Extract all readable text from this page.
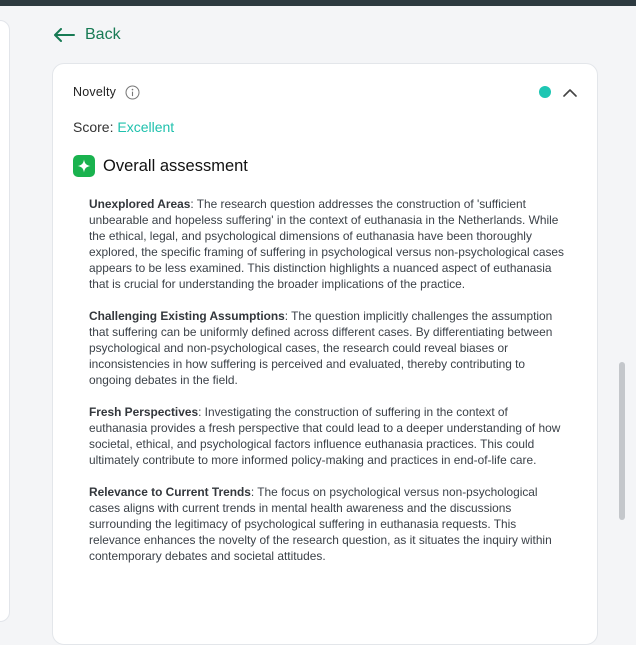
Back
Novelty
Score: Excellent
Overall assessment

Unexplored Areas: The research question addresses the construction of 'sufficient unbearable and hopeless suffering' in the context of euthanasia in the Netherlands. While the ethical, legal, and psychological dimensions of euthanasia have been thoroughly explored, the specific framing of suffering in psychological versus non-psychological cases appears to be less examined. This distinction highlights a nuanced aspect of euthanasia that is crucial for understanding the broader implications of the practice.

Challenging Existing Assumptions: The question implicitly challenges the assumption that suffering can be uniformly defined across different cases. By differentiating between psychological and non-psychological cases, the research could reveal biases or inconsistencies in how suffering is perceived and evaluated, thereby contributing to ongoing debates in the field.

Fresh Perspectives: Investigating the construction of suffering in the context of euthanasia provides a fresh perspective that could lead to a deeper understanding of how societal, ethical, and psychological factors influence euthanasia practices. This could ultimately contribute to more informed policy-making and practices in end-of-life care.

Relevance to Current Trends: The focus on psychological versus non-psychological cases aligns with current trends in mental health awareness and the discussions surrounding the legitimacy of psychological suffering in euthanasia requests. This relevance enhances the novelty of the research question, as it situates the inquiry within contemporary debates and societal attitudes.
